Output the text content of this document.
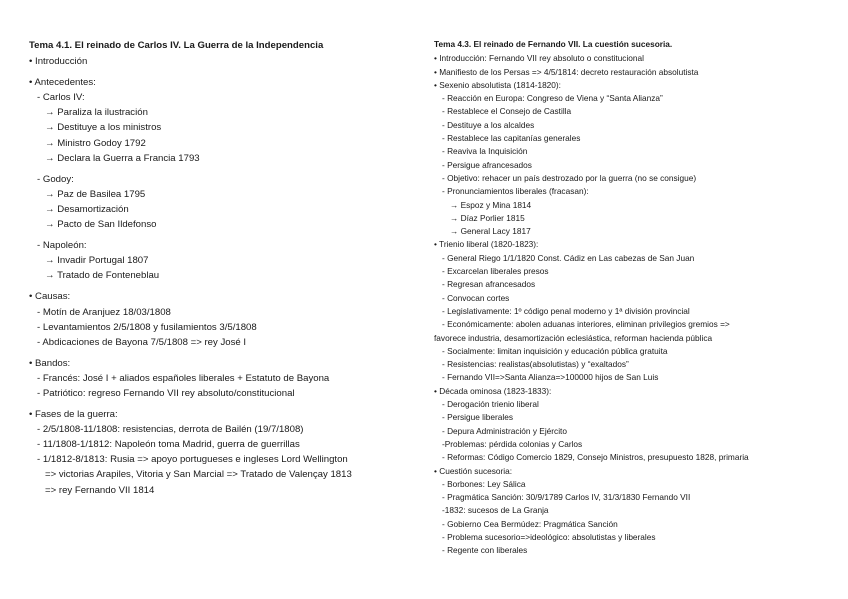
Tema 4.1. El reinado de Carlos IV. La Guerra de la Independencia
• Introducción
• Antecedentes:
- Carlos IV:
→ Paraliza la ilustración
→ Destituye a los ministros
→ Ministro Godoy 1792
→ Declara la Guerra a Francia 1793
- Godoy:
→ Paz de Basilea 1795
→ Desamortización
→ Pacto de San Ildefonso
- Napoleón:
→ Invadir Portugal 1807
→ Tratado de Fonteneblau
• Causas:
- Motín de Aranjuez 18/03/1808
- Levantamientos 2/5/1808 y fusilamientos 3/5/1808
- Abdicaciones de Bayona 7/5/1808 => rey José I
• Bandos:
- Francés: José I + aliados españoles liberales + Estatuto de Bayona
- Patriótico: regreso Fernando VII rey absoluto/constitucional
• Fases de la guerra:
- 2/5/1808-11/1808: resistencias, derrota de Bailén (19/7/1808)
- 11/1808-1/1812: Napoleón toma Madrid, guerra de guerrillas
- 1/1812-8/1813: Rusia => apoyo portugueses e ingleses Lord Wellington
=> victorias Arapiles, Vitoria y San Marcial => Tratado de Valençay 1813
=> rey Fernando VII 1814
Tema 4.3. El reinado de Fernando VII. La cuestión sucesoria.
• Introducción: Fernando VII rey absoluto o constitucional
• Manifiesto de los Persas => 4/5/1814: decreto restauración absolutista
• Sexenio absolutista (1814-1820):
- Reacción en Europa: Congreso de Viena y “Santa Alianza”
- Restablece el Consejo de Castilla
- Destituye a los alcaldes
- Restablece las capitanías generales
- Reaviva la Inquisición
- Persigue afrancesados
- Objetivo: rehacer un país destrozado por la guerra (no se consigue)
- Pronunciamientos liberales (fracasan):
→ Espoz y Mina 1814
→ Díaz Porlier 1815
→ General Lacy 1817
• Trienio liberal (1820-1823):
- General Riego 1/1/1820 Const. Cádiz en Las cabezas de San Juan
- Excarcelan liberales presos
- Regresan afrancesados
- Convocan cortes
- Legislativamente: 1º código penal moderno y 1ª división provincial
- Económicamente: abolen aduanas interiores, eliminan privilegios gremios =>
favorece industria, desamortización eclesiástica, reforman hacienda pública
- Socialmente: limitan inquisición y educación pública gratuita
- Resistencias: realistas(absolutistas) y “exaltados”
- Fernando VII=>Santa Alianza=>100000 hijos de San Luis
• Década ominosa (1823-1833):
- Derogación trienio liberal
- Persigue liberales
- Depura Administración y Ejército
-Problemas: pérdida colonias y Carlos
- Reformas: Código Comercio 1829, Consejo Ministros, presupuesto 1828, primaria
• Cuestión sucesoria:
- Borbones: Ley Sálica
- Pragmática Sanción: 30/9/1789 Carlos IV, 31/3/1830 Fernando VII
-1832: sucesos de La Granja
- Gobierno Cea Bermúdez: Pragmática Sanción
- Problema sucesorio=>ideológico: absolutistas y liberales
- Regente con liberales
